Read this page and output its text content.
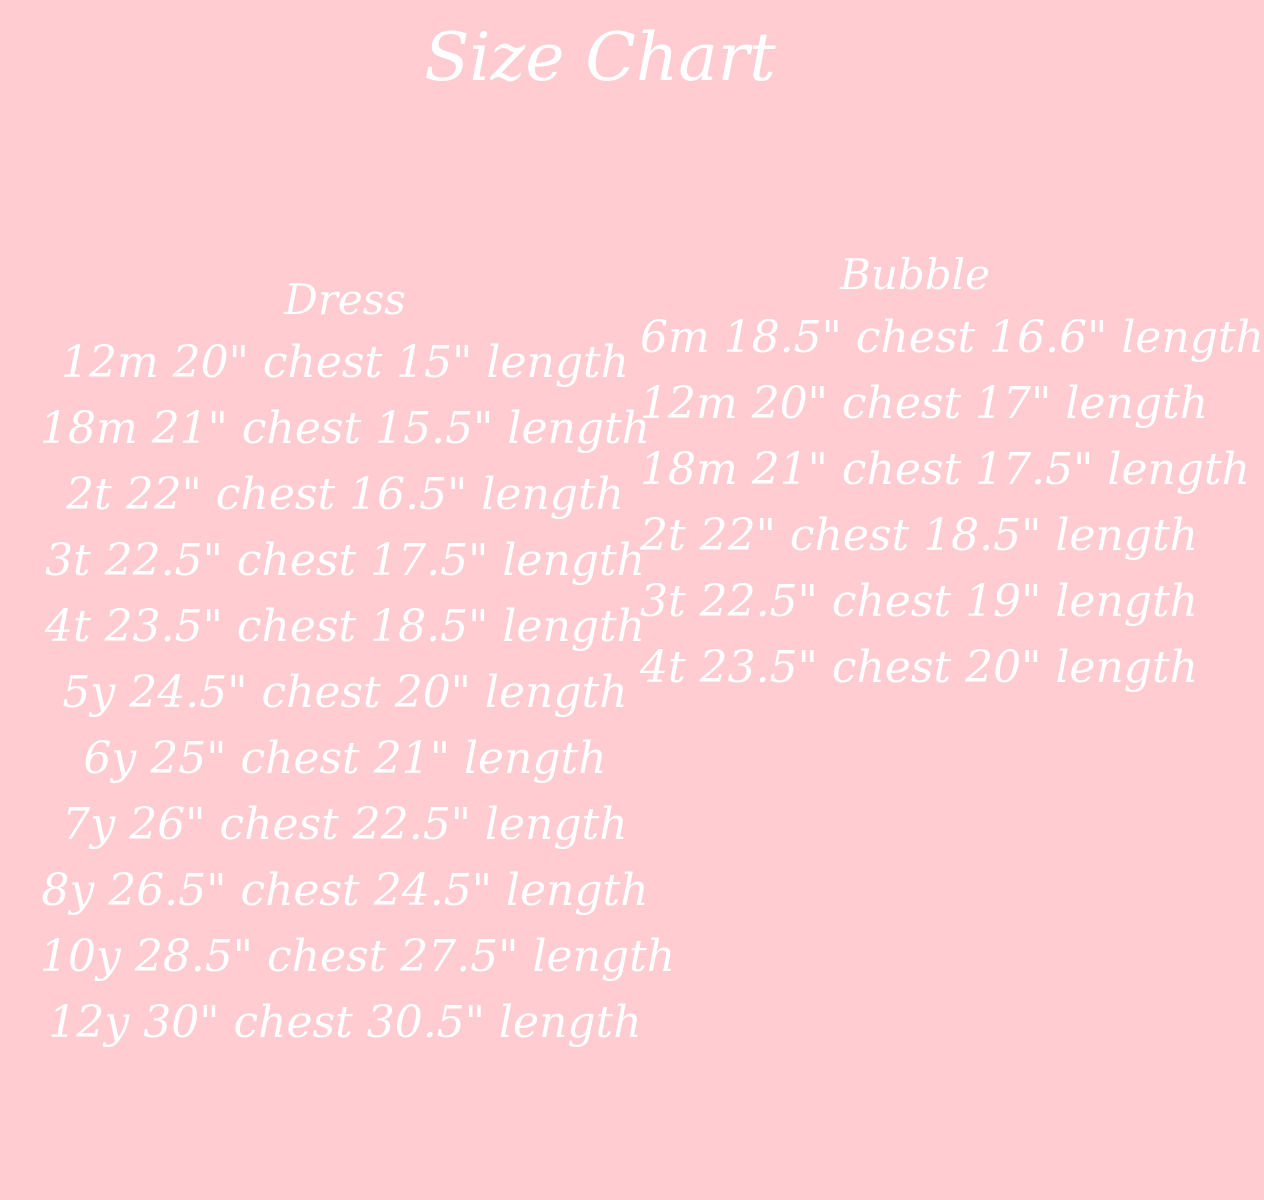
Size Chart
Dress
12m 20" chest 15" length
18m 21" chest 15.5" length
2t 22" chest 16.5" length
3t 22.5" chest 17.5" length
4t 23.5" chest 18.5" length
5y 24.5" chest 20" length
6y 25" chest 21" length
7y 26" chest 22.5" length
8y 26.5" chest 24.5" length
10y 28.5" chest 27.5" length
12y 30" chest 30.5" length
Bubble
6m 18.5" chest 16.6" length
12m 20" chest 17" length
18m 21" chest 17.5" length
2t 22" chest 18.5" length
3t 22.5" chest 19" length
4t 23.5" chest 20" length
